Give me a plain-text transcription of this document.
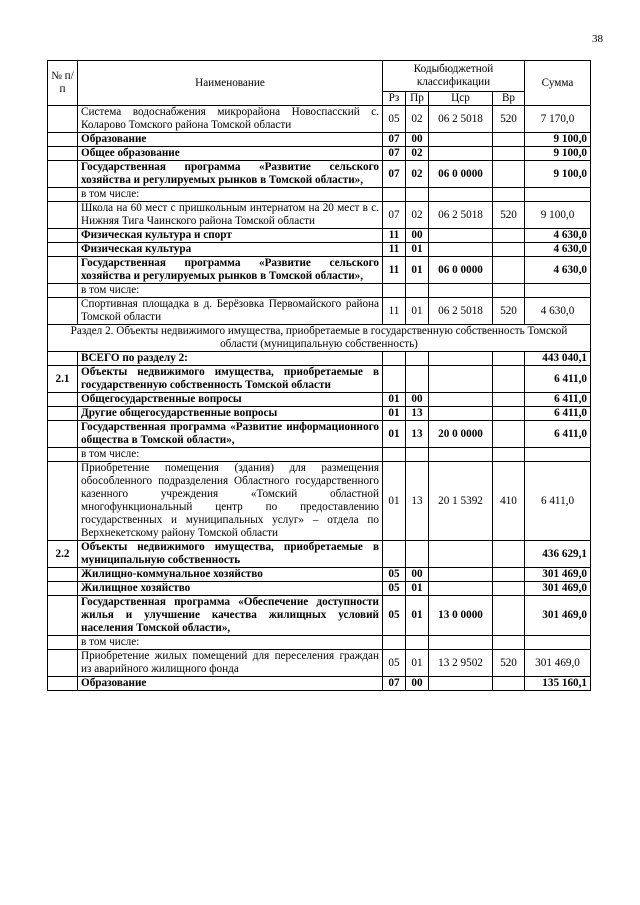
38
№ п/п	Наименование	Кодыбюджетной классификации				Сумма
		Рз	Пр	Цср	Вр	
	Система водоснабжения микрорайона Новоспасский с. Коларово Томского района Томской области	05	02	06 2 5018	520	7 170,0
	Образование	07	00			9 100,0
	Общее образование	07	02			9 100,0
	Государственная программа «Развитие сельского хозяйства и регулируемых рынков в Томской области»,	07	02	06 0 0000		9 100,0
	в том числе:					
	Школа на 60 мест с пришкольным интернатом на 20 мест в с. Нижняя Тига Чаинского района Томской области	07	02	06 2 5018	520	9 100,0
	Физическая культура и спорт	11	00			4 630,0
	Физическая культура	11	01			4 630,0
	Государственная программа «Развитие сельского хозяйства и регулируемых рынков в Томской области»,	11	01	06 0 0000		4 630,0
	в том числе:					
	Спортивная площадка в д. Берёзовка Первомайского района Томской области	11	01	06 2 5018	520	4 630,0
Раздел 2. Объекты недвижимого имущества, приобретаемые в государственную собственность Томской области (муниципальную собственность)						
	ВСЕГО по разделу 2:					443 040,1
2.1	Объекты недвижимого имущества, приобретаемые в государственную собственность Томской области					6 411,0
	Общегосударственные вопросы	01	00			6 411,0
	Другие общегосударственные вопросы	01	13			6 411,0
	Государственная программа «Развитие информационного общества в Томской области»,	01	13	20 0 0000		6 411,0
	в том числе:					
	Приобретение помещения (здания) для размещения обособленного подразделения Областного государственного казенного учреждения «Томский областной многофункциональный центр по предоставлению государственных и муниципальных услуг» – отдела по Верхнекетскому району Томской области	01	13	20 1 5392	410	6 411,0
2.2	Объекты недвижимого имущества, приобретаемые в муниципальную собственность					436 629,1
	Жилищно-коммунальное хозяйство	05	00			301 469,0
	Жилищное хозяйство	05	01			301 469,0
	Государственная программа «Обеспечение доступности жилья и улучшение качества жилищных условий населения Томской области»,	05	01	13 0 0000		301 469,0
	в том числе:					
	Приобретение жилых помещений для переселения граждан из аварийного жилищного фонда	05	01	13 2 9502	520	301 469,0
	Образование	07	00			135 160,1
